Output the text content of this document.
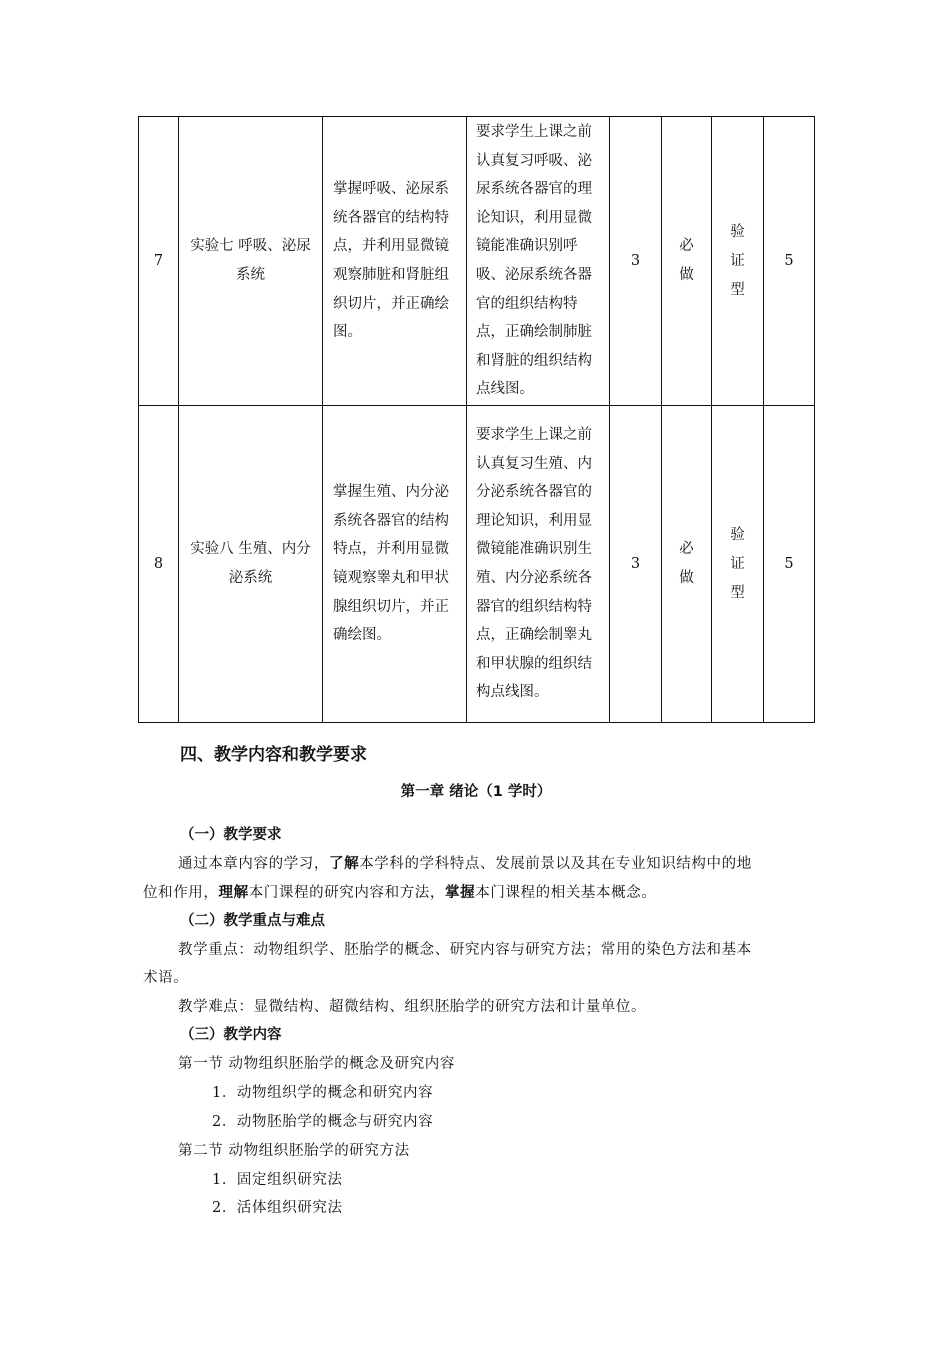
7	实验七 呼吸、泌尿系统	掌握呼吸、泌尿系统各器官的结构特点，并利用显微镜观察肺脏和肾脏组织切片，并正确绘图。	要求学生上课之前认真复习呼吸、泌尿系统各器官的理论知识，利用显微镜能准确识别呼吸、泌尿系统各器官的组织结构特点，正确绘制肺脏和肾脏的组织结构点线图。	3	必做	验证型	5
8	实验八 生殖、内分泌系统	掌握生殖、内分泌系统各器官的结构特点，并利用显微镜观察睾丸和甲状腺组织切片，并正确绘图。	要求学生上课之前认真复习生殖、内分泌系统各器官的理论知识，利用显微镜能准确识别生殖、内分泌系统各器官的组织结构特点，正确绘制睾丸和甲状腺的组织结构点线图。	3	必做	验证型	5
四、教学内容和教学要求
第一章 绪论（1 学时）
（一）教学要求
通过本章内容的学习，了解本学科的学科特点、发展前景以及其在专业知识结构中的地
位和作用，理解本门课程的研究内容和方法，掌握本门课程的相关基本概念。
（二）教学重点与难点
教学重点：动物组织学、胚胎学的概念、研究内容与研究方法；常用的染色方法和基本
术语。
教学难点：显微结构、超微结构、组织胚胎学的研究方法和计量单位。
（三）教学内容
第一节 动物组织胚胎学的概念及研究内容
1．动物组织学的概念和研究内容
2．动物胚胎学的概念与研究内容
第二节 动物组织胚胎学的研究方法
1．固定组织研究法
2．活体组织研究法
